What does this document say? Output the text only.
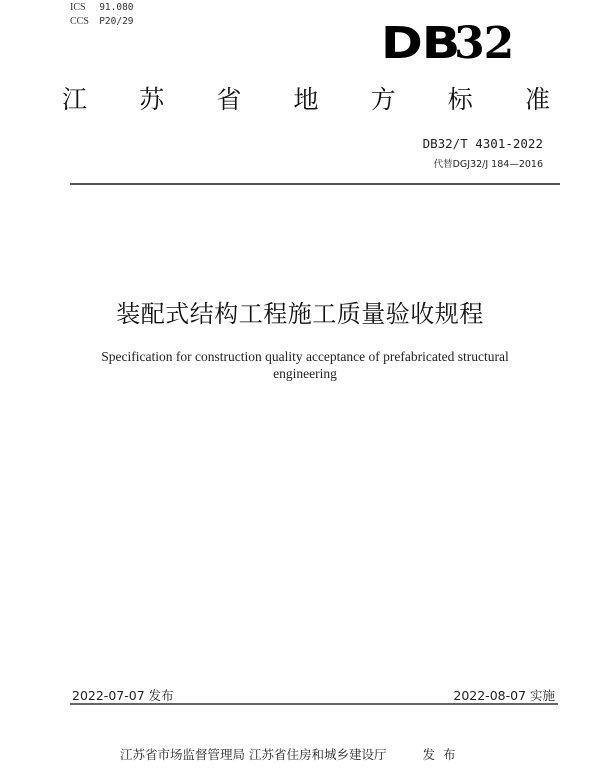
ICS 91.080
CCS P20/29	DB32
江 苏 省 地 方 标 准
DB32/T 4301-2022
代替DGJ32/J 184—2016
装配式结构工程施工质量验收规程
Specification for construction quality acceptance of prefabricated structural engineering
2022-07-07 发布	2022-08-07 实施
江苏省市场监督管理局 江苏省住房和城乡建设厅	发布
